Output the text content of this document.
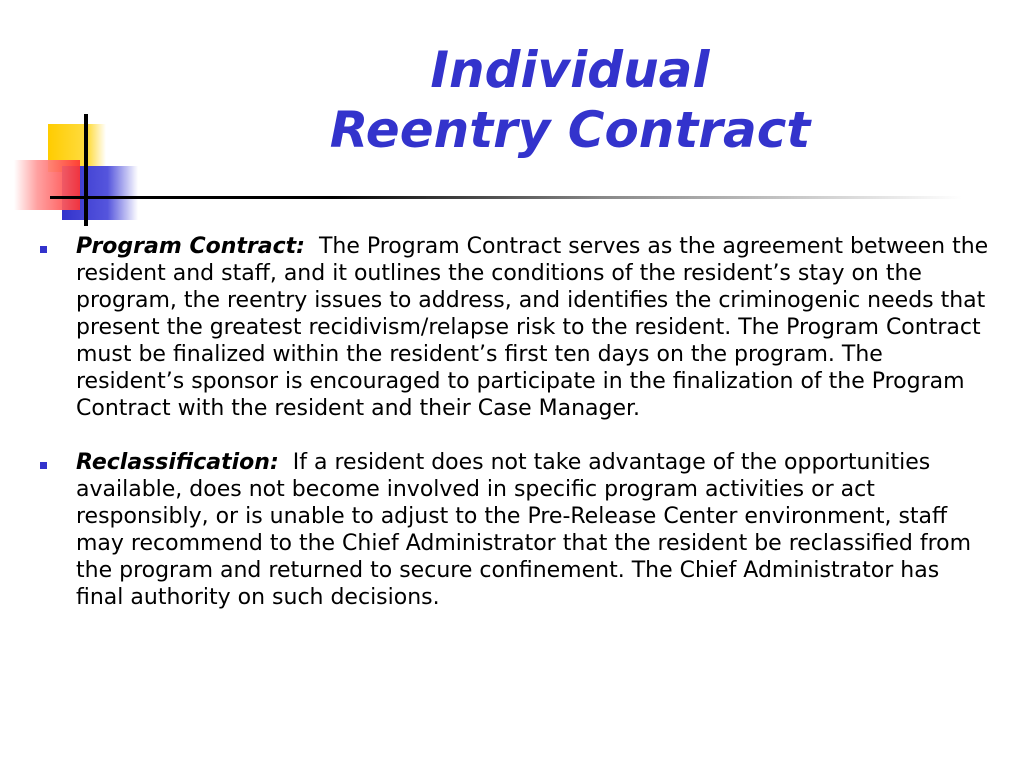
Individual
Reentry Contract
Program Contract: The Program Contract serves as the agreement between the resident and staff, and it outlines the conditions of the resident’s stay on the program, the reentry issues to address, and identifies the criminogenic needs that present the greatest recidivism/relapse risk to the resident. The Program Contract must be finalized within the resident’s first ten days on the program. The resident’s sponsor is encouraged to participate in the finalization of the Program Contract with the resident and their Case Manager.
Reclassification: If a resident does not take advantage of the opportunities available, does not become involved in specific program activities or act responsibly, or is unable to adjust to the Pre-Release Center environment, staff may recommend to the Chief Administrator that the resident be reclassified from the program and returned to secure confinement. The Chief Administrator has final authority on such decisions.
